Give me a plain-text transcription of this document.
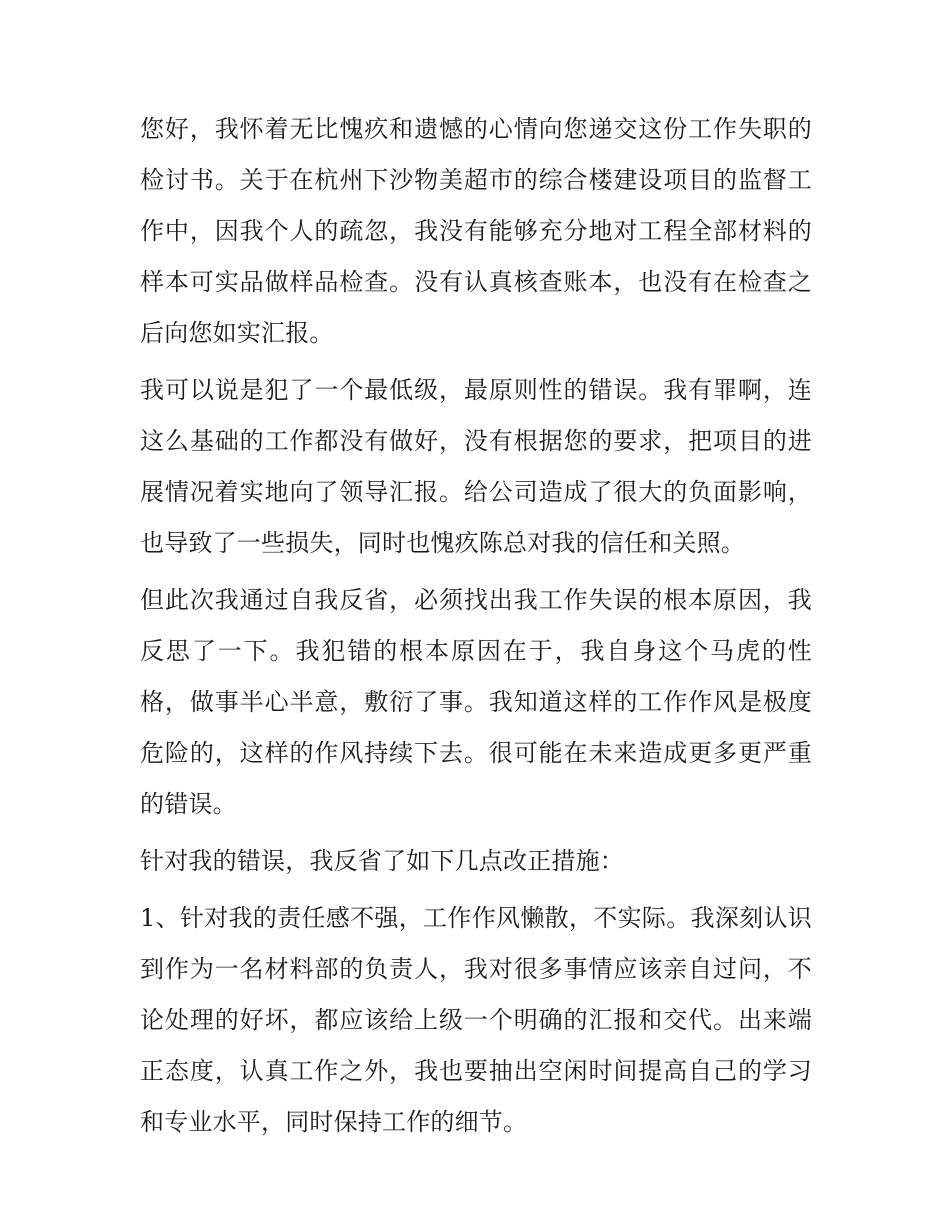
您好，我怀着无比愧疚和遗憾的心情向您递交这份工作失职的检讨书。关于在杭州下沙物美超市的综合楼建设项目的监督工作中，因我个人的疏忽，我没有能够充分地对工程全部材料的样本可实品做样品检查。没有认真核查账本，也没有在检查之后向您如实汇报。

我可以说是犯了一个最低级，最原则性的错误。我有罪啊，连这么基础的工作都没有做好，没有根据您的要求，把项目的进展情况着实地向了领导汇报。给公司造成了很大的负面影响，也导致了一些损失，同时也愧疚陈总对我的信任和关照。

但此次我通过自我反省，必须找出我工作失误的根本原因，我反思了一下。我犯错的根本原因在于，我自身这个马虎的性格，做事半心半意，敷衍了事。我知道这样的工作作风是极度危险的，这样的作风持续下去。很可能在未来造成更多更严重的错误。

针对我的错误，我反省了如下几点改正措施：

1、针对我的责任感不强，工作作风懒散，不实际。我深刻认识到作为一名材料部的负责人，我对很多事情应该亲自过问，不论处理的好坏，都应该给上级一个明确的汇报和交代。出来端正态度，认真工作之外，我也要抽出空闲时间提高自己的学习和专业水平，同时保持工作的细节。
